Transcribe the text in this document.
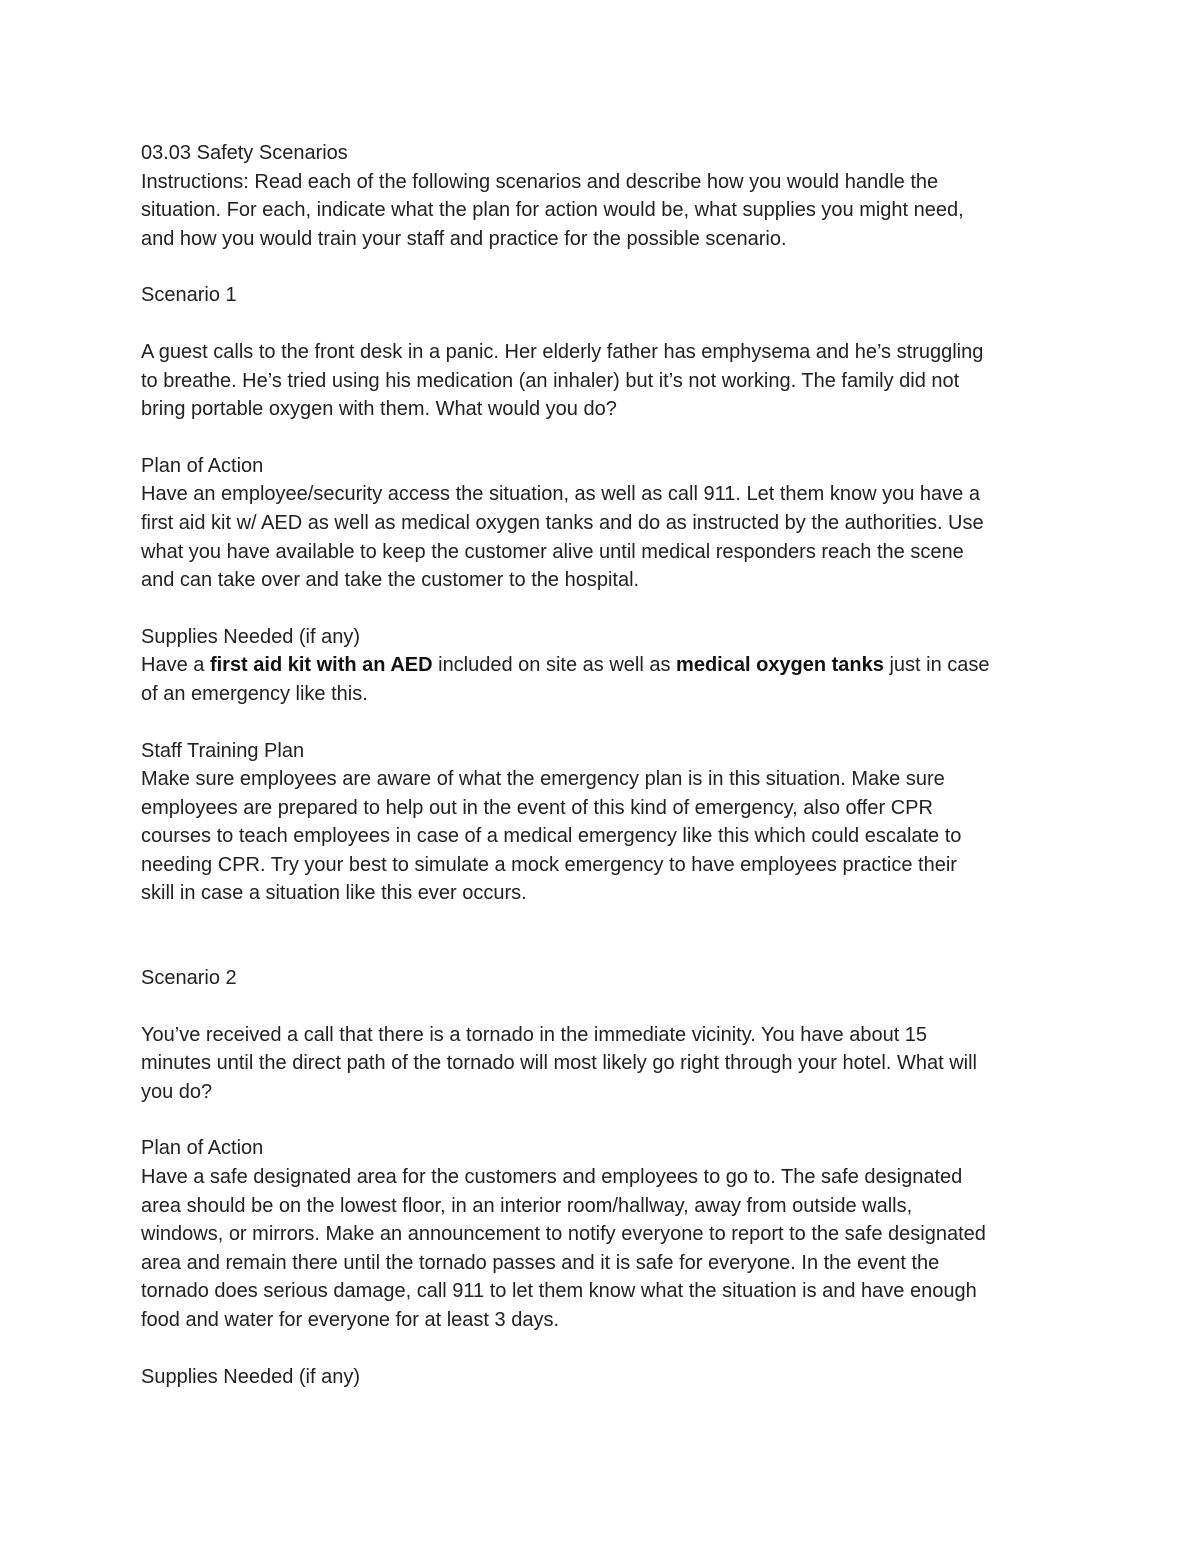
03.03 Safety Scenarios
Instructions: Read each of the following scenarios and describe how you would handle the
situation. For each, indicate what the plan for action would be, what supplies you might need,
and how you would train your staff and practice for the possible scenario.
Scenario 1
A guest calls to the front desk in a panic. Her elderly father has emphysema and he’s struggling
to breathe. He’s tried using his medication (an inhaler) but it’s not working. The family did not
bring portable oxygen with them. What would you do?
Plan of Action
Have an employee/security access the situation, as well as call 911. Let them know you have a
first aid kit w/ AED as well as medical oxygen tanks and do as instructed by the authorities. Use
what you have available to keep the customer alive until medical responders reach the scene
and can take over and take the customer to the hospital.
Supplies Needed (if any)
Have a first aid kit with an AED included on site as well as medical oxygen tanks just in case
of an emergency like this.
Staff Training Plan
Make sure employees are aware of what the emergency plan is in this situation. Make sure
employees are prepared to help out in the event of this kind of emergency, also offer CPR
courses to teach employees in case of a medical emergency like this which could escalate to
needing CPR. Try your best to simulate a mock emergency to have employees practice their
skill in case a situation like this ever occurs.
Scenario 2
You’ve received a call that there is a tornado in the immediate vicinity. You have about 15
minutes until the direct path of the tornado will most likely go right through your hotel. What will
you do?
Plan of Action
Have a safe designated area for the customers and employees to go to. The safe designated
area should be on the lowest floor, in an interior room/hallway, away from outside walls,
windows, or mirrors. Make an announcement to notify everyone to report to the safe designated
area and remain there until the tornado passes and it is safe for everyone. In the event the
tornado does serious damage, call 911 to let them know what the situation is and have enough
food and water for everyone for at least 3 days.
Supplies Needed (if any)
